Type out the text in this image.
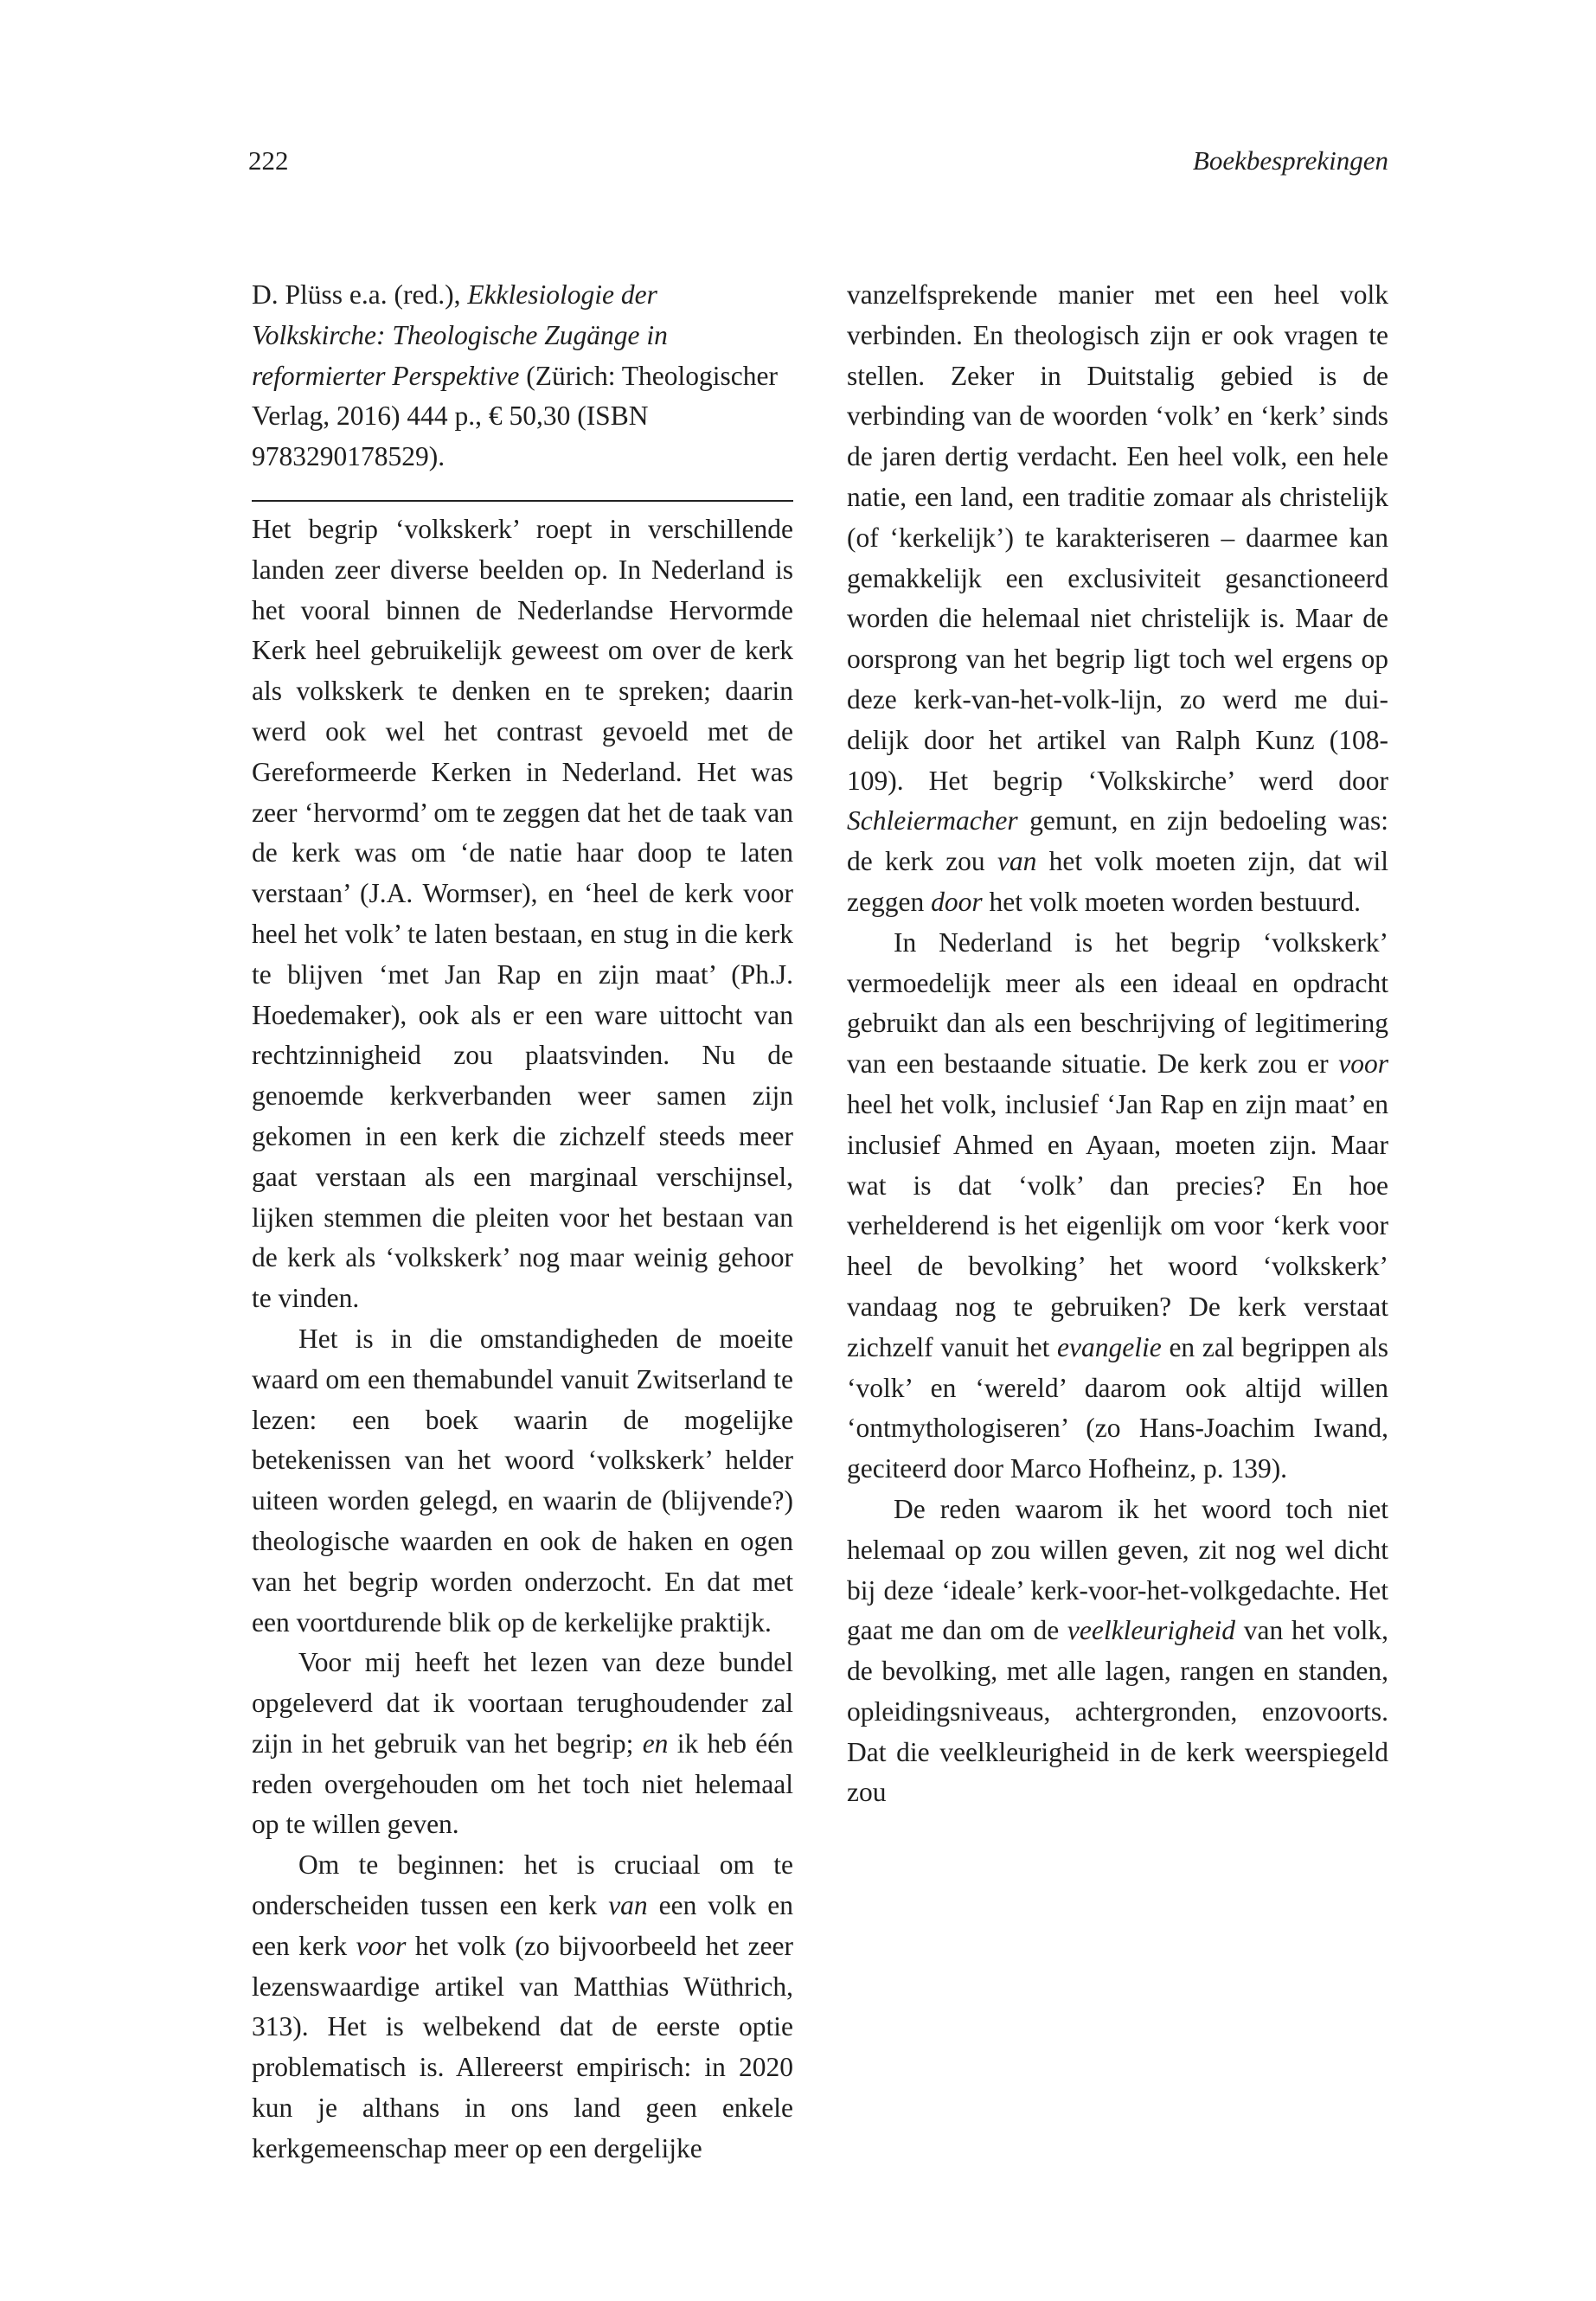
222	Boekbesprekingen

D. Plüss e.a. (red.), Ekklesiologie der Volkskirche: Theologische Zugänge in reformierter Perspektive (Zürich: Theologischer Verlag, 2016) 444 p., € 50,30 (ISBN 9783290178529).

Het begrip ‘volkskerk’ roept in verschillende landen zeer diverse beelden op. In Nederland is het vooral binnen de Nederlandse Hervormde Kerk heel gebruikelijk geweest om over de kerk als volkskerk te denken en te spreken; daarin werd ook wel het contrast gevoeld met de Gereformeerde Kerken in Nederland. Het was zeer ‘hervormd’ om te zeggen dat het de taak van de kerk was om ‘de natie haar doop te laten verstaan’ (J.A. Wormser), en ‘heel de kerk voor heel het volk’ te laten bestaan, en stug in die kerk te blijven ‘met Jan Rap en zijn maat’ (Ph.J. Hoedemaker), ook als er een ware uittocht van rechtzinnigheid zou plaatsvinden. Nu de genoemde kerkverbanden weer samen zijn gekomen in een kerk die zichzelf steeds meer gaat verstaan als een marginaal verschijnsel, lijken stemmen die pleiten voor het bestaan van de kerk als ‘volkskerk’ nog maar weinig gehoor te vinden.

Het is in die omstandigheden de moeite waard om een themabundel vanuit Zwitserland te lezen: een boek waarin de mogelijke betekenissen van het woord ‘volkskerk’ helder uiteen worden gelegd, en waarin de (blijvende?) theologische waarden en ook de haken en ogen van het begrip worden onderzocht. En dat met een voortdurende blik op de kerkelijke praktijk.

Voor mij heeft het lezen van deze bundel opgeleverd dat ik voortaan terughoudender zal zijn in het gebruik van het begrip; en ik heb één reden overgehouden om het toch niet helemaal op te willen geven.

Om te beginnen: het is cruciaal om te onderscheiden tussen een kerk van een volk en een kerk voor het volk (zo bijvoorbeeld het zeer lezenswaardige artikel van Matthias Wüthrich, 313). Het is welbekend dat de eerste optie problematisch is. Allereerst empirisch: in 2020 kun je althans in ons land geen enkele kerkgemeenschap meer op een dergelijke

vanzelfsprekende manier met een heel volk verbinden. En theologisch zijn er ook vragen te stellen. Zeker in Duitstalig gebied is de verbinding van de woorden ‘volk’ en ‘kerk’ sinds de jaren dertig verdacht. Een heel volk, een hele natie, een land, een traditie zomaar als christelijk (of ‘kerkelijk’) te karakteriseren – daarmee kan gemakkelijk een exclusiviteit gesanctioneerd worden die helemaal niet christelijk is. Maar de oorsprong van het begrip ligt toch wel ergens op deze kerk-van-het-volk-lijn, zo werd me duidelijk door het artikel van Ralph Kunz (108-109). Het begrip ‘Volkskirche’ werd door Schleiermacher gemunt, en zijn bedoeling was: de kerk zou van het volk moeten zijn, dat wil zeggen door het volk moeten worden bestuurd.

In Nederland is het begrip ‘volkskerk’ vermoedelijk meer als een ideaal en opdracht gebruikt dan als een beschrijving of legitimering van een bestaande situatie. De kerk zou er voor heel het volk, inclusief ‘Jan Rap en zijn maat’ en inclusief Ahmed en Ayaan, moeten zijn. Maar wat is dat ‘volk’ dan precies? En hoe verhelderend is het eigenlijk om voor ‘kerk voor heel de bevolking’ het woord ‘volkskerk’ vandaag nog te gebruiken? De kerk verstaat zichzelf vanuit het evangelie en zal begrippen als ‘volk’ en ‘wereld’ daarom ook altijd willen ‘ontmythologiseren’ (zo Hans-Joachim Iwand, geciteerd door Marco Hofheinz, p. 139).

De reden waarom ik het woord toch niet helemaal op zou willen geven, zit nog wel dicht bij deze ‘ideale’ kerk-voor-het-volkgedachte. Het gaat me dan om de veelkleurigheid van het volk, de bevolking, met alle lagen, rangen en standen, opleidingsniveaus, achtergronden, enzovoorts. Dat die veelkleurigheid in de kerk weerspiegeld zou
